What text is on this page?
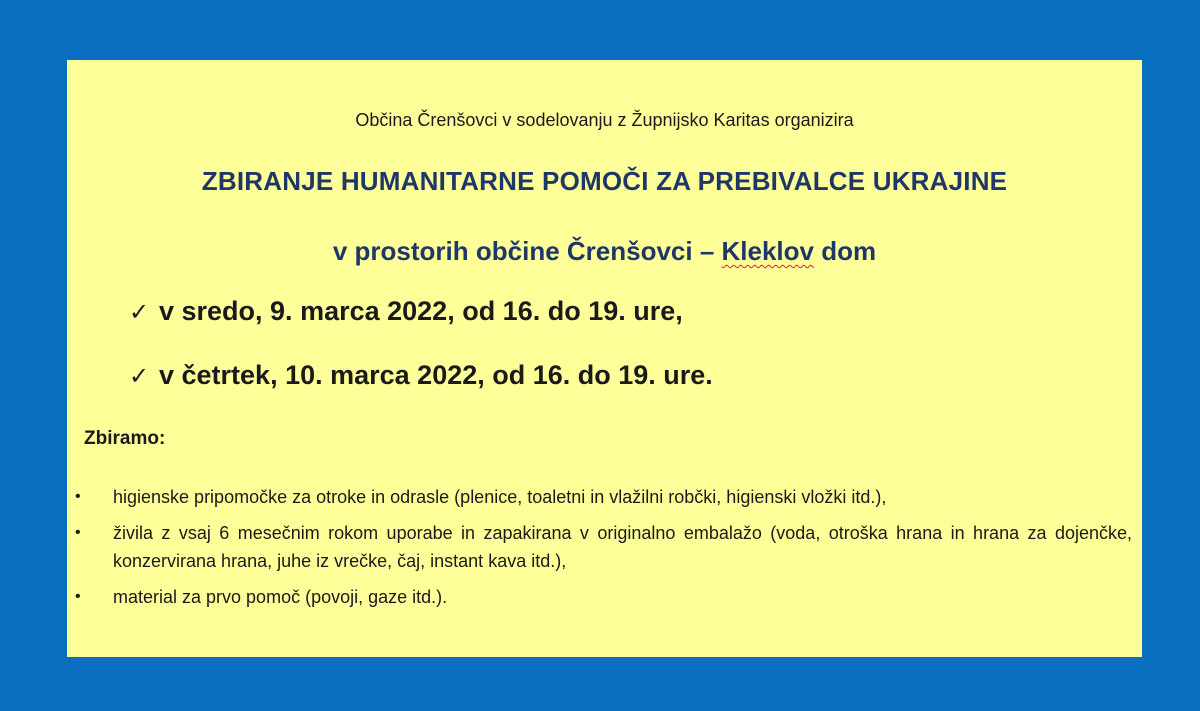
Občina Črenšovci v sodelovanju z Župnijsko Karitas organizira
ZBIRANJE HUMANITARNE POMOČI ZA PREBIVALCE UKRAJINE
v prostorih občine Črenšovci – Kleklov dom
✓ v sredo, 9. marca 2022, od 16. do 19. ure,
✓ v četrtek, 10. marca 2022, od 16. do 19. ure.
Zbiramo:
• higienske pripomočke za otroke in odrasle (plenice, toaletni in vlažilni robčki, higienski vložki itd.),
• živila z vsaj 6 mesečnim rokom uporabe in zapakirana v originalno embalažo (voda, otroška hrana in hrana za dojenčke, konzervirana hrana, juhe iz vrečke, čaj, instant kava itd.),
• material za prvo pomoč (povoji, gaze itd.).
